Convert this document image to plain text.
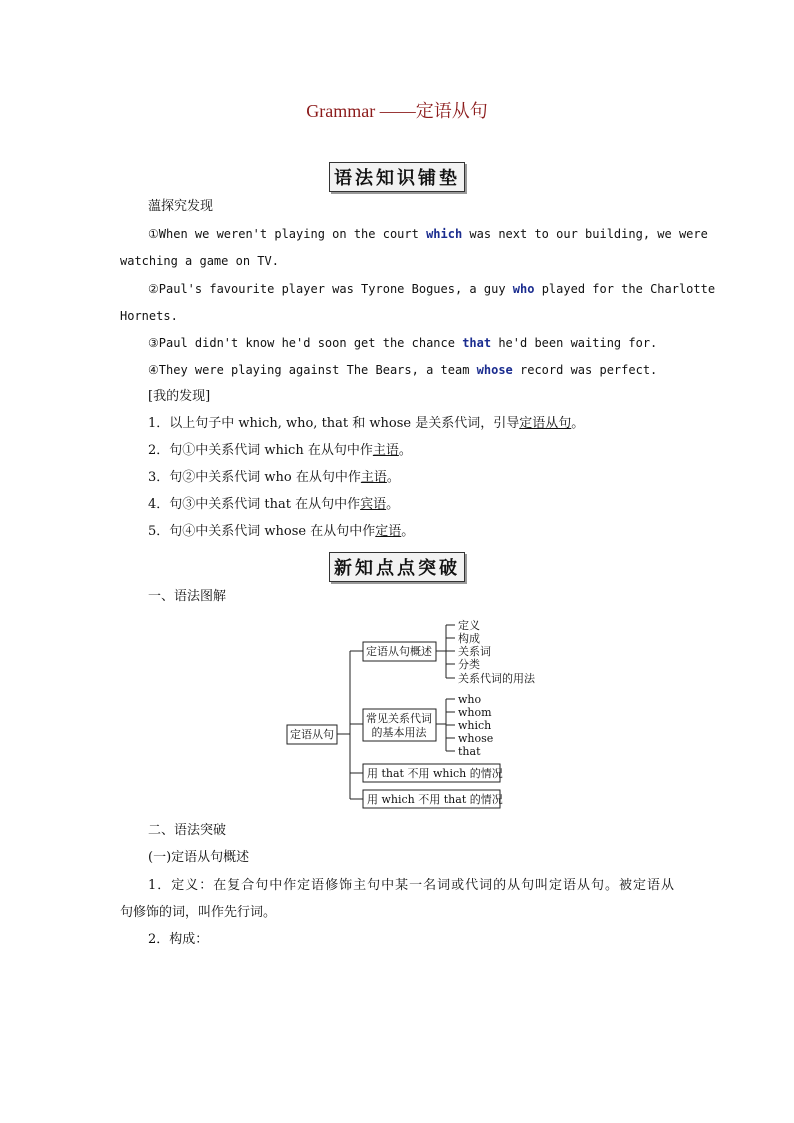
Grammar ——定语从句
语法知识铺垫
薀探究发现
①When we weren't playing on the court which was next to our building, we were
watching a game on TV.
②Paul's favourite player was Tyrone Bogues, a guy who played for the Charlotte
Hornets.
③Paul didn't know he'd soon get the chance that he'd been waiting for.
④They were playing against The Bears, a team whose record was perfect.
[我的发现]
1．以上句子中 which, who, that 和 whose 是关系代词，引导定语从句。
2．句①中关系代词 which 在从句中作主语。
3．句②中关系代词 who 在从句中作主语。
4．句③中关系代词 that 在从句中作宾语。
5．句④中关系代词 whose 在从句中作定语。
新知点点突破
一、语法图解
定语从句
定语从句概述
常见关系代词
的基本用法
用 that 不用 which 的情况
用 which 不用 that 的情况
定义
构成
关系词
分类
关系代词的用法
who
whom
which
whose
that
二、语法突破
(一)定语从句概述
1．定义：在复合句中作定语修饰主句中某一名词或代词的从句叫定语从句。被定语从
句修饰的词，叫作先行词。
2．构成：
